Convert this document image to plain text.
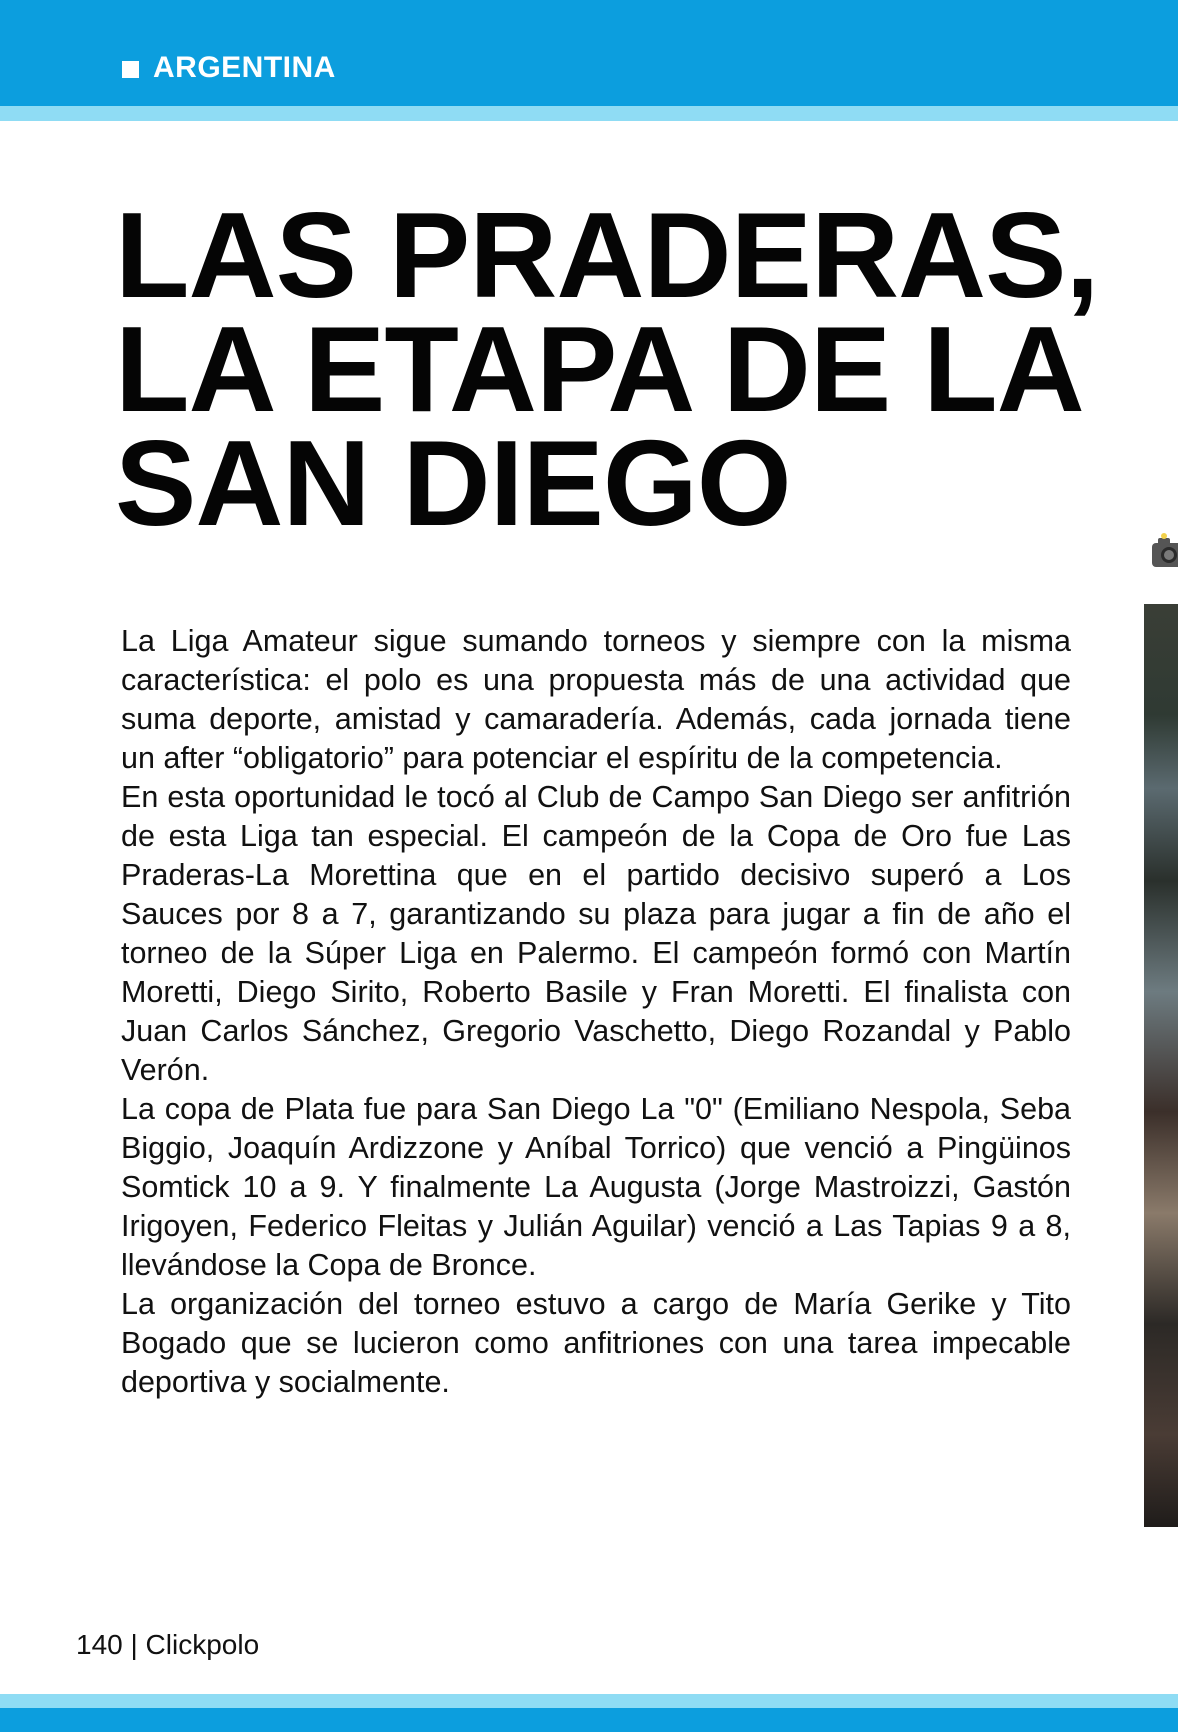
ARGENTINA
LAS PRADERAS,
LA ETAPA DE LA
SAN DIEGO

La Liga Amateur sigue sumando torneos y siempre con la misma característica: el polo es una propuesta más de una actividad que suma deporte, amistad y camaradería. Además, cada jornada tiene un after “obligatorio” para potenciar el espíritu de la competencia.

En esta oportunidad le tocó al Club de Campo San Diego ser anfitrión de esta Liga tan especial. El campeón de la Copa de Oro fue Las Praderas-La Morettina que en el partido decisivo superó a Los Sauces por 8 a 7, garantizando su plaza para jugar a fin de año el torneo de la Súper Liga en Palermo. El campeón formó con Martín Moretti, Diego Sirito, Roberto Basile y Fran Moretti. El finalista con Juan Carlos Sánchez, Gregorio Vaschetto, Diego Rozandal y Pablo Verón.

La copa de Plata fue para San Diego La "0" (Emiliano Nespola, Seba Biggio, Joaquín Ardizzone y Aníbal Torrico) que venció a Pingüinos Somtick 10 a 9. Y finalmente La Augusta (Jorge Mastroizzi, Gastón Irigoyen, Federico Fleitas y Julián Aguilar) venció a Las Tapias 9 a 8, llevándose la Copa de Bronce.

La organización del torneo estuvo a cargo de María Gerike y Tito Bogado que se lucieron como anfitriones con una tarea impecable deportiva y socialmente.

140 | Clickpolo
